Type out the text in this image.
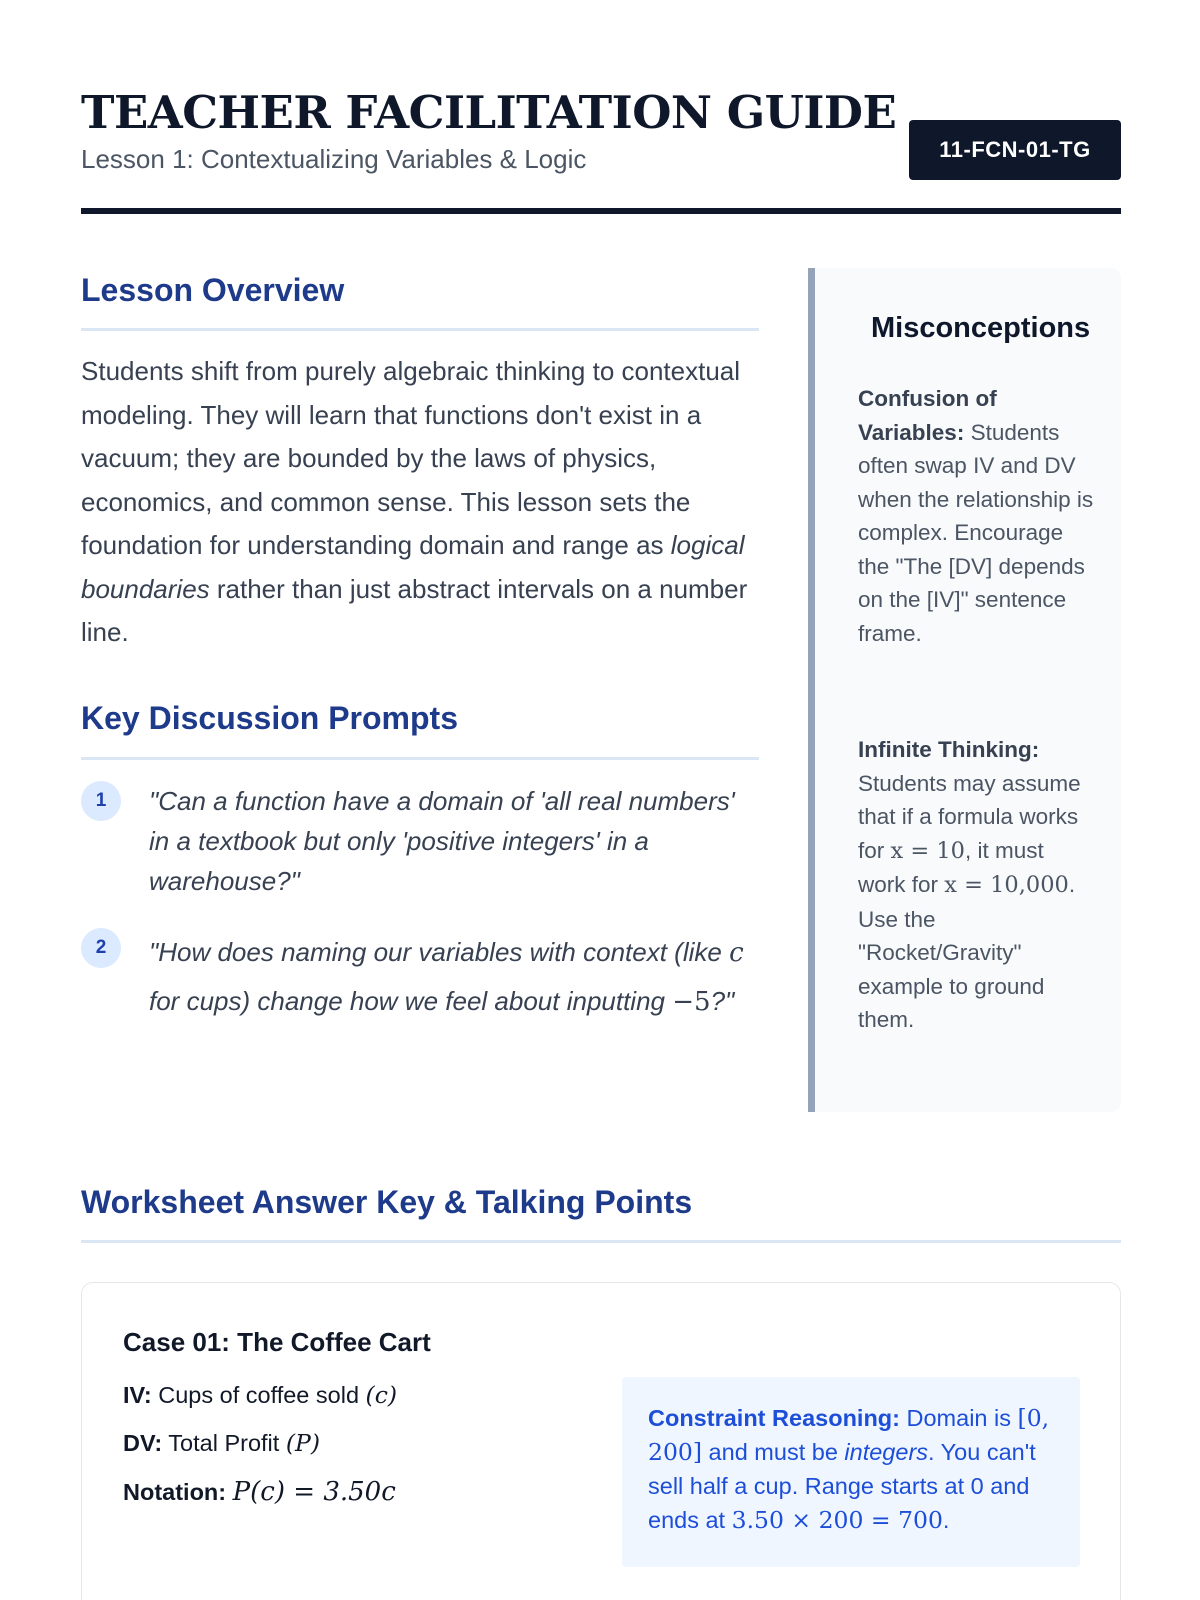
TEACHER FACILITATION GUIDE
Lesson 1: Contextualizing Variables & Logic	11-FCN-01-TG
Lesson Overview
Students shift from purely algebraic thinking to contextual modeling. They will learn that functions don't exist in a vacuum; they are bounded by the laws of physics, economics, and common sense. This lesson sets the foundation for understanding domain and range as logical boundaries rather than just abstract intervals on a number line.
Key Discussion Prompts
1	"Can a function have a domain of 'all real numbers' in a textbook but only 'positive integers' in a warehouse?"
2	"How does naming our variables with context (like c for cups) change how we feel about inputting −5?"
Misconceptions
Confusion of Variables: Students often swap IV and DV when the relationship is complex. Encourage the "The [DV] depends on the [IV]" sentence frame.
Infinite Thinking: Students may assume that if a formula works for x = 10, it must work for x = 10,000. Use the "Rocket/Gravity" example to ground them.
Worksheet Answer Key & Talking Points
Case 01: The Coffee Cart
IV: Cups of coffee sold (c)
DV: Total Profit (P)
Notation: P(c) = 3.50c
Constraint Reasoning: Domain is [0, 200] and must be integers. You can't sell half a cup. Range starts at 0 and ends at 3.50 × 200 = 700.
